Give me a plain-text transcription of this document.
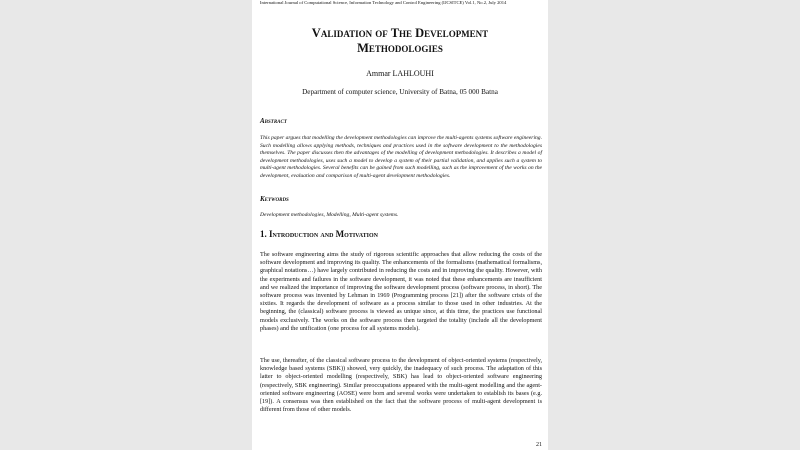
International Journal of Computational Science, Information Technology and Control Engineering (IJCSITCE) Vol.1, No.2, July 2014
Validation of The Development
Methodologies
Ammar LAHLOUHI
Department of computer science, University of Batna, 05 000 Batna
Abstract
This paper argues that modelling the development methodologies can improve the multi-agents systems software engineering. Such modelling allows applying methods, techniques and practices used in the software development to the methodologies themselves. The paper discusses then the advantages of the modelling of development methodologies. It describes a model of development methodologies, uses such a model to develop a system of their partial validation, and applies such a system to multi-agent methodologies. Several benefits can be gained from such modelling, such as the improvement of the works on the development, evaluation and comparison of multi-agent development methodologies.
Keywords
Development methodologies, Modelling, Multi-agent systems.
1. Introduction and Motivation
The software engineering aims the study of rigorous scientific approaches that allow reducing the costs of the software development and improving its quality. The enhancements of the formalisms (mathematical formalisms, graphical notations…) have largely contributed in reducing the costs and in improving the quality. However, with the experiments and failures in the software development, it was noted that these enhancements are insufficient and we realized the importance of improving the software development process (software process, in short). The software process was invented by Lehman in 1969 (Programming process [21]) after the software crisis of the sixties. It regards the development of software as a process similar to those used in other industries. At the beginning, the (classical) software process is viewed as unique since, at this time, the practices use functional models exclusively. The works on the software process then targeted the totality (include all the development phases) and the unification (one process for all systems models).
The use, thereafter, of the classical software process to the development of object-oriented systems (respectively, knowledge based systems (SBK)) showed, very quickly, the inadequacy of such process. The adaptation of this latter to object-oriented modelling (respectively, SBK) has lead to object-oriented software engineering (respectively, SBK engineering). Similar preoccupations appeared with the multi-agent modelling and the agent-oriented software engineering (AOSE) were born and several works were undertaken to establish its bases (e.g. [19]). A consensus was then established on the fact that the software process of multi-agent development is different from those of other models.
21
